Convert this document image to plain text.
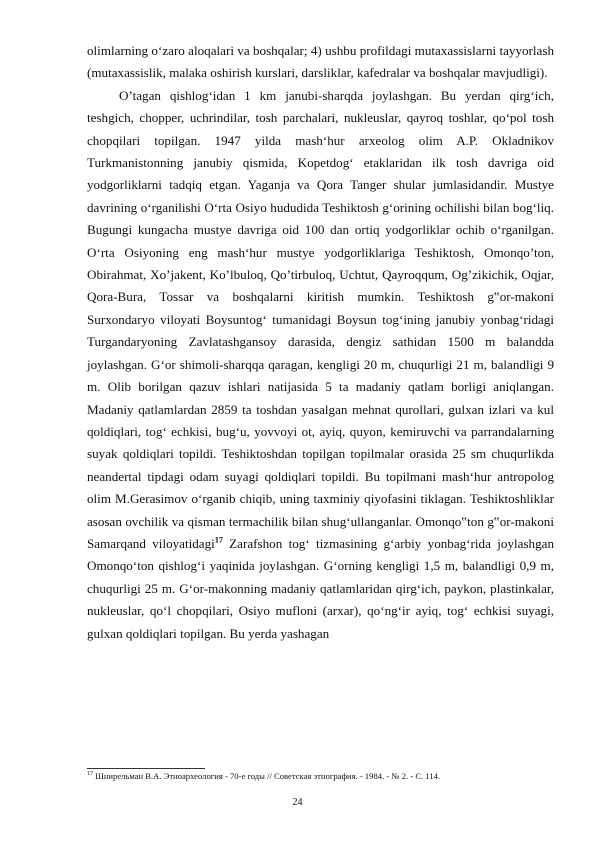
olimlarning o‘zaro aloqalari va boshqalar; 4) ushbu profildagi mutaxassislarni tayyorlash (mutaxassislik, malaka oshirish kurslari, darsliklar, kafedralar va boshqalar mavjudligi).

O’tagan qishlog‘idan 1 km janubi-sharqda joylashgan. Bu yerdan qirg‘ich, teshgich, chopper, uchrindilar, tosh parchalari, nukleuslar, qayroq toshlar, qo‘pol tosh chopqilari topilgan. 1947 yilda mash‘hur arxeolog olim A.P. Okladnikov Turkmanistonning janubiy qismida, Kopetdog‘ etaklaridan ilk tosh davriga oid yodgorliklarni tadqiq etgan. Yaganja va Qora Tanger shular jumlasidandir. Mustye davrining o‘rganilishi O‘rta Osiyo hududida Teshiktosh g‘orining ochilishi bilan bog‘liq. Bugungi kungacha mustye davriga oid 100 dan ortiq yodgorliklar ochib o‘rganilgan. O‘rta Osiyoning eng mash‘hur mustye yodgorliklariga Teshiktosh, Omonqo’ton, Obirahmat, Xo’jakent, Ko’lbuloq, Qo’tirbuloq, Uchtut, Qayroqqum, Og’zikichik, Oqjar, Qora-Bura, Tossar va boshqalarni kiritish mumkin. Teshiktosh g‟or-makoni Surxondaryo viloyati Boysuntog‘ tumanidagi Boysun tog‘ining janubiy yonbag‘ridagi Turgandaryoning Zavlatashgansoy darasida, dengiz sathidan 1500 m balandda joylashgan. G‘or shimoli-sharqqa qaragan, kengligi 20 m, chuqurligi 21 m, balandligi 9 m. Olib borilgan qazuv ishlari natijasida 5 ta madaniy qatlam borligi aniqlangan. Madaniy qatlamlardan 2859 ta toshdan yasalgan mehnat qurollari, gulxan izlari va kul qoldiqlari, tog‘ echkisi, bug‘u, yovvoyi ot, ayiq, quyon, kemiruvchi va parrandalarning suyak qoldiqlari topildi. Teshiktoshdan topilgan topilmalar orasida 25 sm chuqurlikda neandertal tipdagi odam suyagi qoldiqlari topildi. Bu topilmani mash‘hur antropolog olim M.Gerasimov o‘rganib chiqib, uning taxminiy qiyofasini tiklagan. Teshiktoshliklar asosan ovchilik va qisman termachilik bilan shug‘ullanganlar. Omonqo‟ton g‟or-makoni Samarqand viloyatidagi$^{17}$ Zarafshon tog‘ tizmasining g‘arbiy yonbag‘rida joylashgan Omonqo‘ton qishlog‘i yaqinida joylashgan. G‘orning kengligi 1,5 m, balandligi 0,9 m, chuqurligi 25 m. G‘or-makonning madaniy qatlamlaridan qirg‘ich, paykon, plastinkalar, nukleuslar, qo‘l chopqilari, Osiyo mufloni (arxar), qo‘ng‘ir ayiq, tog‘ echkisi suyagi, gulxan qoldiqlari topilgan. Bu yerda yashagan

$^{17}$ Шнирельман В.А. Этноархеология - 70-е годы // Советская этнография. - 1984. - № 2. - С. 114.
24
